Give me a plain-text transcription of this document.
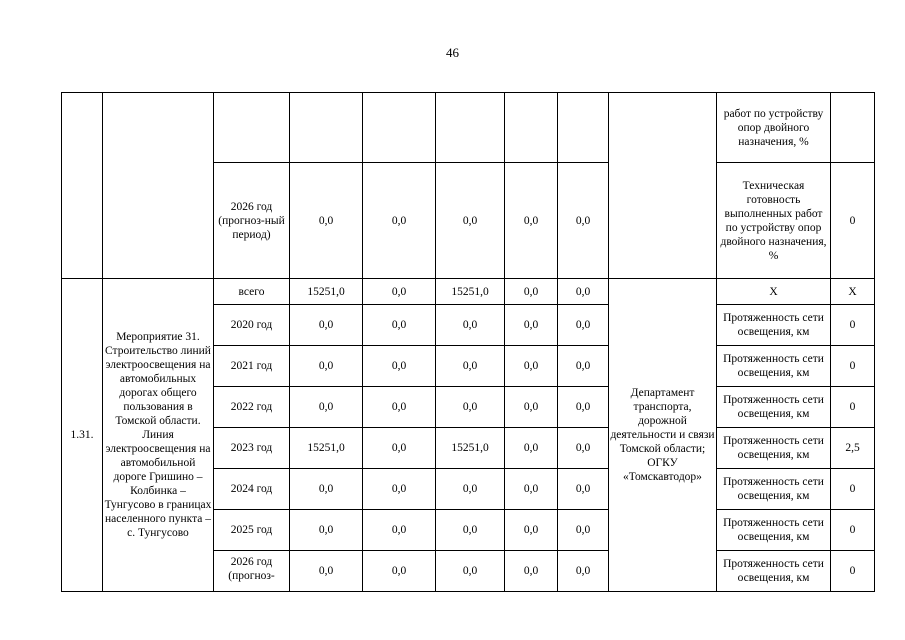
46
									работ по устройству опор двойного назначения, %	
		2026 год (прогноз-ный период)	0,0	0,0	0,0	0,0	0,0		Техническая готовность выполненных работ по устройству опор двойного назначения, %	0
1.31.	Мероприятие 31. Строительство линий электроосвещения на автомобильных дорогах общего пользования в Томской области. Линия электроосвещения на автомобильной дороге Гришино – Колбинка – Тунгусово в границах населенного пункта – с. Тунгусово	всего	15251,0	0,0	15251,0	0,0	0,0	Департамент транспорта, дорожной деятельности и связи Томской области; ОГКУ «Томскавтодор»	Х	Х
		2020 год	0,0	0,0	0,0	0,0	0,0		Протяженность сети освещения, км	0
		2021 год	0,0	0,0	0,0	0,0	0,0		Протяженность сети освещения, км	0
		2022 год	0,0	0,0	0,0	0,0	0,0		Протяженность сети освещения, км	0
		2023 год	15251,0	0,0	15251,0	0,0	0,0		Протяженность сети освещения, км	2,5
		2024 год	0,0	0,0	0,0	0,0	0,0		Протяженность сети освещения, км	0
		2025 год	0,0	0,0	0,0	0,0	0,0		Протяженность сети освещения, км	0
		2026 год (прогноз-	0,0	0,0	0,0	0,0	0,0		Протяженность сети освещения, км	0
